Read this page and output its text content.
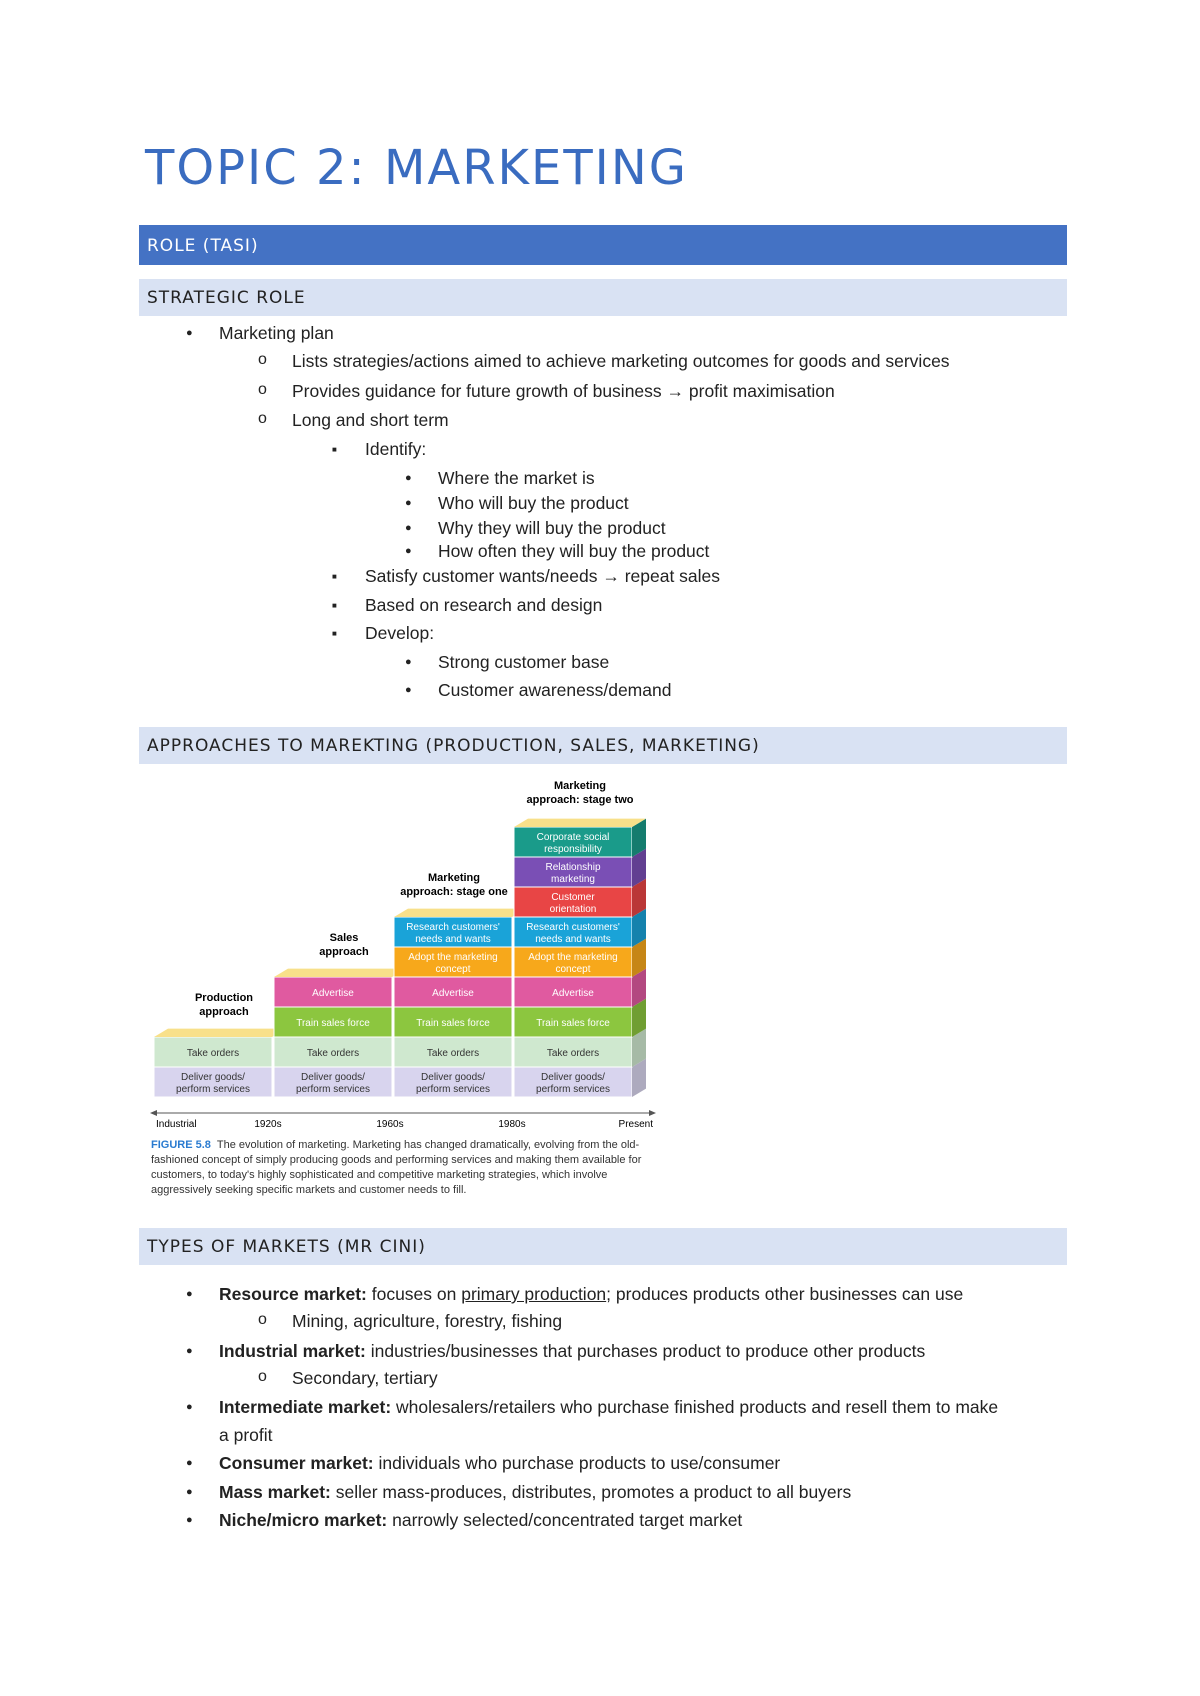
TOPIC 2: MARKETING
ROLE (TASI)
STRATEGIC ROLE
● Marketing plan
o Lists strategies/actions aimed to achieve marketing outcomes for goods and services
o Provides guidance for future growth of business → profit maximisation
o Long and short term
■ Identify:
● Where the market is
● Who will buy the product
● Why they will buy the product
● How often they will buy the product
■ Satisfy customer wants/needs → repeat sales
■ Based on research and design
■ Develop:
● Strong customer base
● Customer awareness/demand
APPROACHES TO MAREKTING (PRODUCTION, SALES, MARKETING)
Production approach
Sales approach
Marketing approach: stage one
Marketing approach: stage two
Deliver goods/ perform services
Take orders
Deliver goods/ perform services
Take orders
Train sales force
Advertise
Deliver goods/ perform services
Take orders
Train sales force
Advertise
Adopt the marketing concept
Research customers' needs and wants
Deliver goods/ perform services
Take orders
Train sales force
Advertise
Adopt the marketing concept
Research customers' needs and wants
Customer orientation
Relationship marketing
Corporate social responsibility
Industrial	1920s	1960s	1980s	Present
FIGURE 5.8 The evolution of marketing. Marketing has changed dramatically, evolving from the old-fashioned concept of simply producing goods and performing services and making them available for customers, to today's highly sophisticated and competitive marketing strategies, which involve aggressively seeking specific markets and customer needs to fill.
TYPES OF MARKETS (MR CINI)
● Resource market: focuses on primary production; produces products other businesses can use
o Mining, agriculture, forestry, fishing
● Industrial market: industries/businesses that purchases product to produce other products
o Secondary, tertiary
● Intermediate market: wholesalers/retailers who purchase finished products and resell them to make
a profit
● Consumer market: individuals who purchase products to use/consumer
● Mass market: seller mass-produces, distributes, promotes a product to all buyers
● Niche/micro market: narrowly selected/concentrated target market
